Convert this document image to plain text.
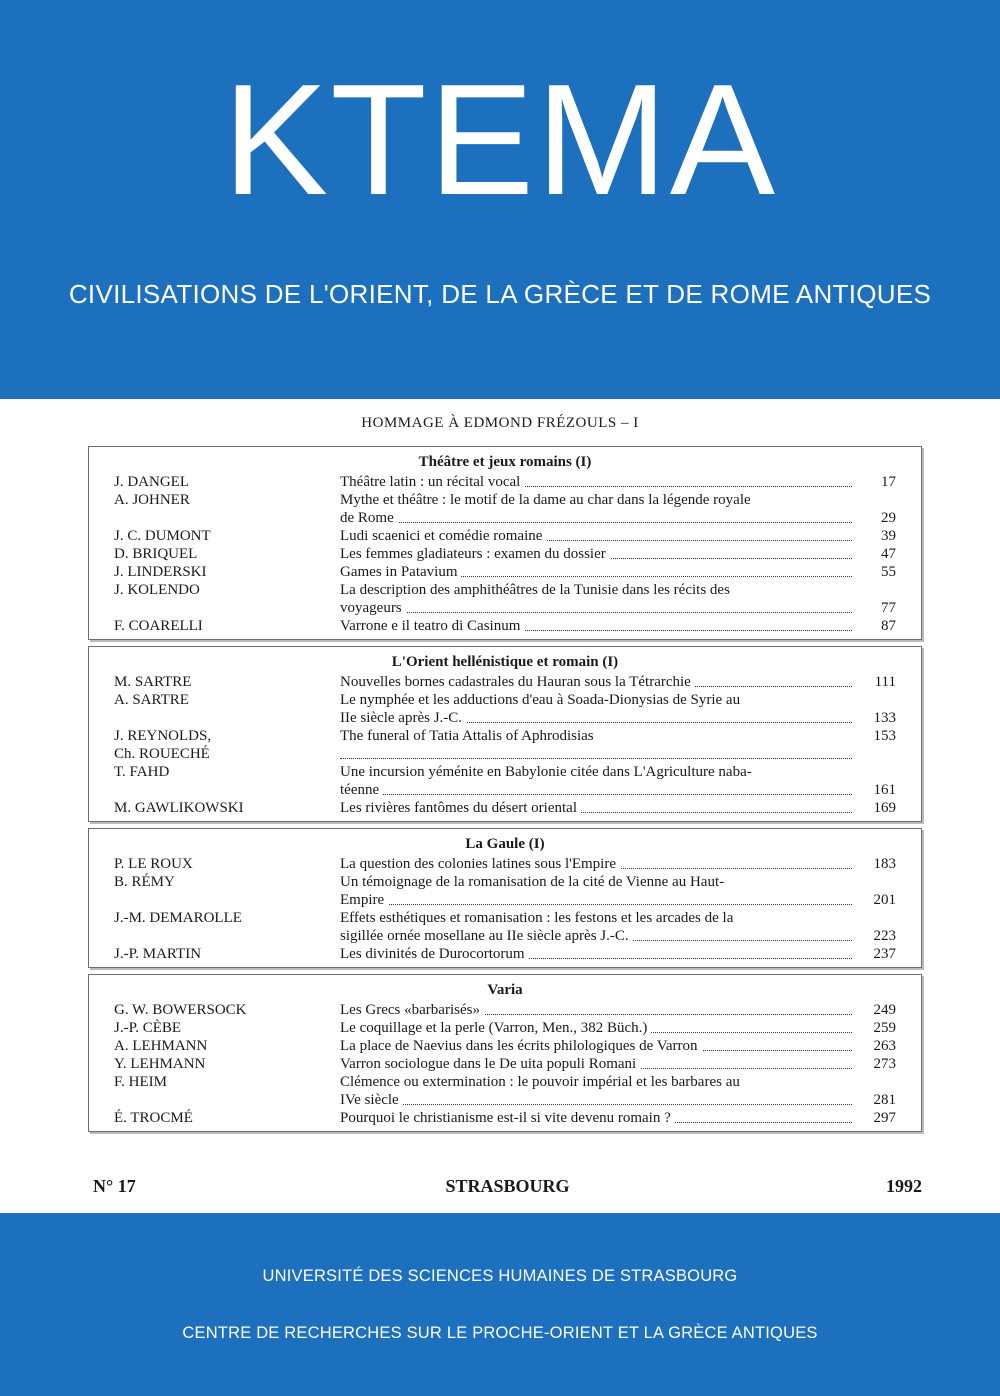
KTEMA
CIVILISATIONS DE L'ORIENT, DE LA GRÈCE ET DE ROME ANTIQUES
HOMMAGE À EDMOND FRÉZOULS – I
Théâtre et jeux romains (I)
J. DANGEL	Théâtre latin : un récital vocal	17
A. JOHNER	Mythe et théâtre : le motif de la dame au char dans la légende royale
de Rome	29
J. C. DUMONT	Ludi scaenici et comédie romaine	39
D. BRIQUEL	Les femmes gladiateurs : examen du dossier	47
J. LINDERSKI	Games in Patavium	55
J. KOLENDO	La description des amphithéâtres de la Tunisie dans les récits des
voyageurs	77
F. COARELLI	Varrone e il teatro di Casinum	87
L'Orient hellénistique et romain (I)
M. SARTRE	Nouvelles bornes cadastrales du Hauran sous la Tétrarchie	111
A. SARTRE	Le nymphée et les adductions d'eau à Soada-Dionysias de Syrie au
IIe siècle après J.-C.	133
J. REYNOLDS,
Ch. ROUECHÉ
The funeral of Tatia Attalis of Aphrodisias	153
T. FAHD	Une incursion yéménite en Babylonie citée dans L'Agriculture naba-
téenne	161
M. GAWLIKOWSKI	Les rivières fantômes du désert oriental	169
La Gaule (I)
P. LE ROUX	La question des colonies latines sous l'Empire	183
B. RÉMY	Un témoignage de la romanisation de la cité de Vienne au Haut-
Empire	201
J.-M. DEMAROLLE	Effets esthétiques et romanisation : les festons et les arcades de la
sigillée ornée mosellane au IIe siècle après J.-C.	223
J.-P. MARTIN	Les divinités de Durocortorum	237
Varia
G. W. BOWERSOCK	Les Grecs «barbarisés»	249
J.-P. CÈBE	Le coquillage et la perle (Varron, Men., 382 Büch.)	259
A. LEHMANN	La place de Naevius dans les écrits philologiques de Varron	263
Y. LEHMANN	Varron sociologue dans le De uita populi Romani	273
F. HEIM	Clémence ou extermination : le pouvoir impérial et les barbares au
IVe siècle	281
É. TROCMÉ	Pourquoi le christianisme est-il si vite devenu romain ?	297
N° 17	STRASBOURG	1992
UNIVERSITÉ DES SCIENCES HUMAINES DE STRASBOURG
CENTRE DE RECHERCHES SUR LE PROCHE-ORIENT ET LA GRÈCE ANTIQUES
